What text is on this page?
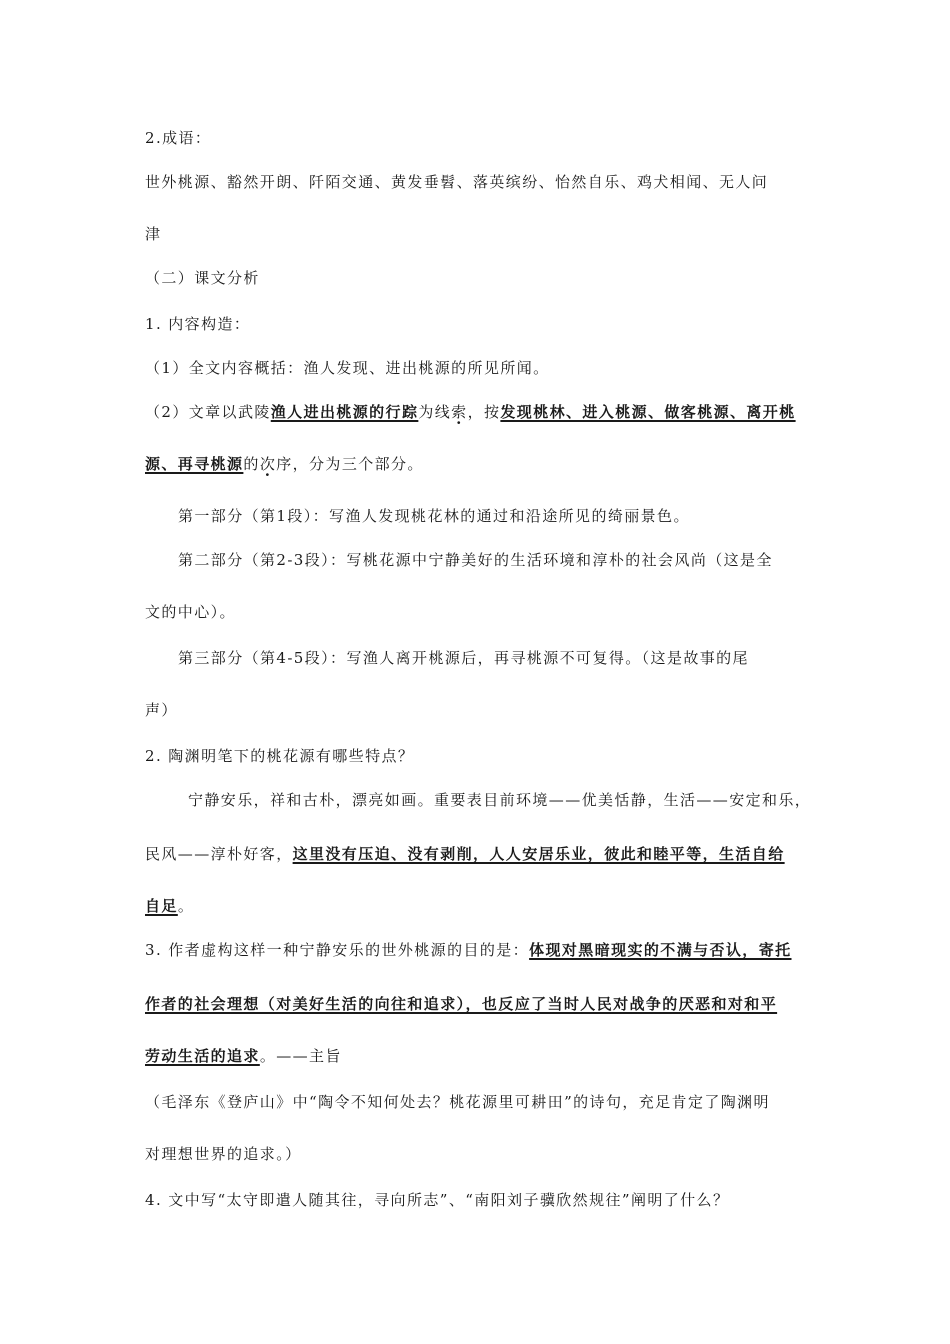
2.成语：
世外桃源、豁然开朗、阡陌交通、黄发垂髫、落英缤纷、怡然自乐、鸡犬相闻、无人问
津
（二）课文分析
1. 内容构造：
（1）全文内容概括：渔人发现、进出桃源的所见所闻。
（2）文章以武陵渔人进出桃源的行踪为线索，按发现桃林、进入桃源、做客桃源、离开桃
源、再寻桃源的次序，分为三个部分。
第一部分（第1段）：写渔人发现桃花林的通过和沿途所见的绮丽景色。
第二部分（第2-3段）：写桃花源中宁静美好的生活环境和淳朴的社会风尚（这是全
文的中心）。
第三部分（第4-5段）：写渔人离开桃源后，再寻桃源不可复得。（这是故事的尾
声）
2. 陶渊明笔下的桃花源有哪些特点？
宁静安乐，祥和古朴，漂亮如画。重要表目前环境——优美恬静，生活——安定和乐，
民风——淳朴好客，这里没有压迫、没有剥削，人人安居乐业，彼此和睦平等，生活自给
自足。
3. 作者虚构这样一种宁静安乐的世外桃源的目的是：体现对黑暗现实的不满与否认，寄托
作者的社会理想（对美好生活的向往和追求），也反应了当时人民对战争的厌恶和对和平
劳动生活的追求。——主旨
（毛泽东《登庐山》中“陶令不知何处去？桃花源里可耕田”的诗句，充足肯定了陶渊明
对理想世界的追求。）
4. 文中写“太守即遣人随其往，寻向所志”、“南阳刘子骥欣然规往”阐明了什么？
